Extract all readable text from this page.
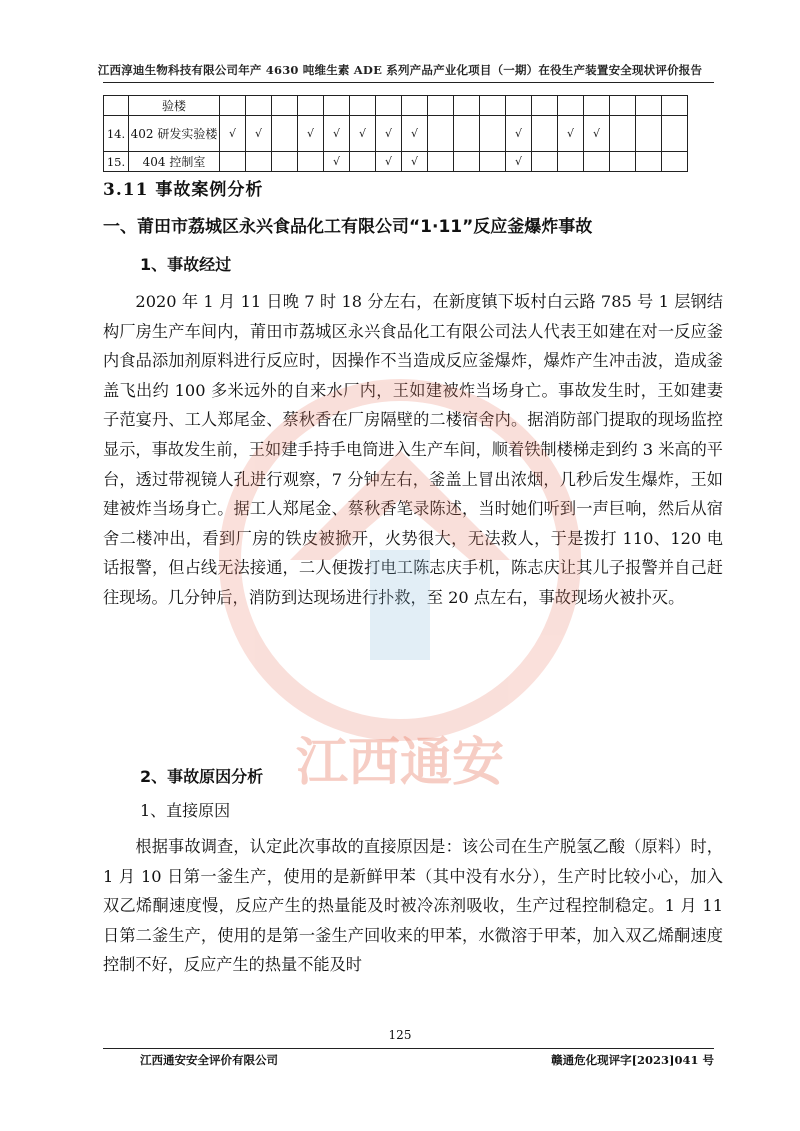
江西淳迪生物科技有限公司年产 4630 吨维生素 ADE 系列产品产业化项目（一期）在役生产装置安全现状评价报告
	验楼																		
14.	402 研发实验楼	√	√		√	√	√	√	√				√		√	√			
15.	404 控制室					√		√	√				√						
3.11 事故案例分析
一、莆田市荔城区永兴食品化工有限公司“1·11”反应釜爆炸事故
1、事故经过

2020 年 1 月 11 日晚 7 时 18 分左右，在新度镇下坂村白云路 785 号 1 层钢结构厂房生产车间内，莆田市荔城区永兴食品化工有限公司法人代表王如建在对一反应釜内食品添加剂原料进行反应时，因操作不当造成反应釜爆炸，爆炸产生冲击波，造成釜盖飞出约 100 多米远外的自来水厂内，王如建被炸当场身亡。事故发生时，王如建妻子范宴丹、工人郑尾金、蔡秋香在厂房隔壁的二楼宿舍内。据消防部门提取的现场监控显示，事故发生前，王如建手持手电筒进入生产车间，顺着铁制楼梯走到约 3 米高的平台，透过带视镜人孔进行观察，7 分钟左右，釜盖上冒出浓烟，几秒后发生爆炸，王如建被炸当场身亡。据工人郑尾金、蔡秋香笔录陈述，当时她们听到一声巨响，然后从宿舍二楼冲出，看到厂房的铁皮被掀开，火势很大，无法救人，于是拨打 110、120 电话报警，但占线无法接通，二人便拨打电工陈志庆手机，陈志庆让其儿子报警并自己赶往现场。几分钟后，消防到达现场进行扑救，至 20 点左右，事故现场火被扑灭。

2、事故原因分析
1、直接原因

根据事故调查，认定此次事故的直接原因是：该公司在生产脱氢乙酸（原料）时，1 月 10 日第一釜生产，使用的是新鲜甲苯（其中没有水分），生产时比较小心，加入双乙烯酮速度慢，反应产生的热量能及时被冷冻剂吸收，生产过程控制稳定。1 月 11 日第二釜生产，使用的是第一釜生产回收来的甲苯，水微溶于甲苯，加入双乙烯酮速度控制不好，反应产生的热量不能及时

江西通安
125
江西通安安全评价有限公司	赣通危化现评字[2023]041 号
